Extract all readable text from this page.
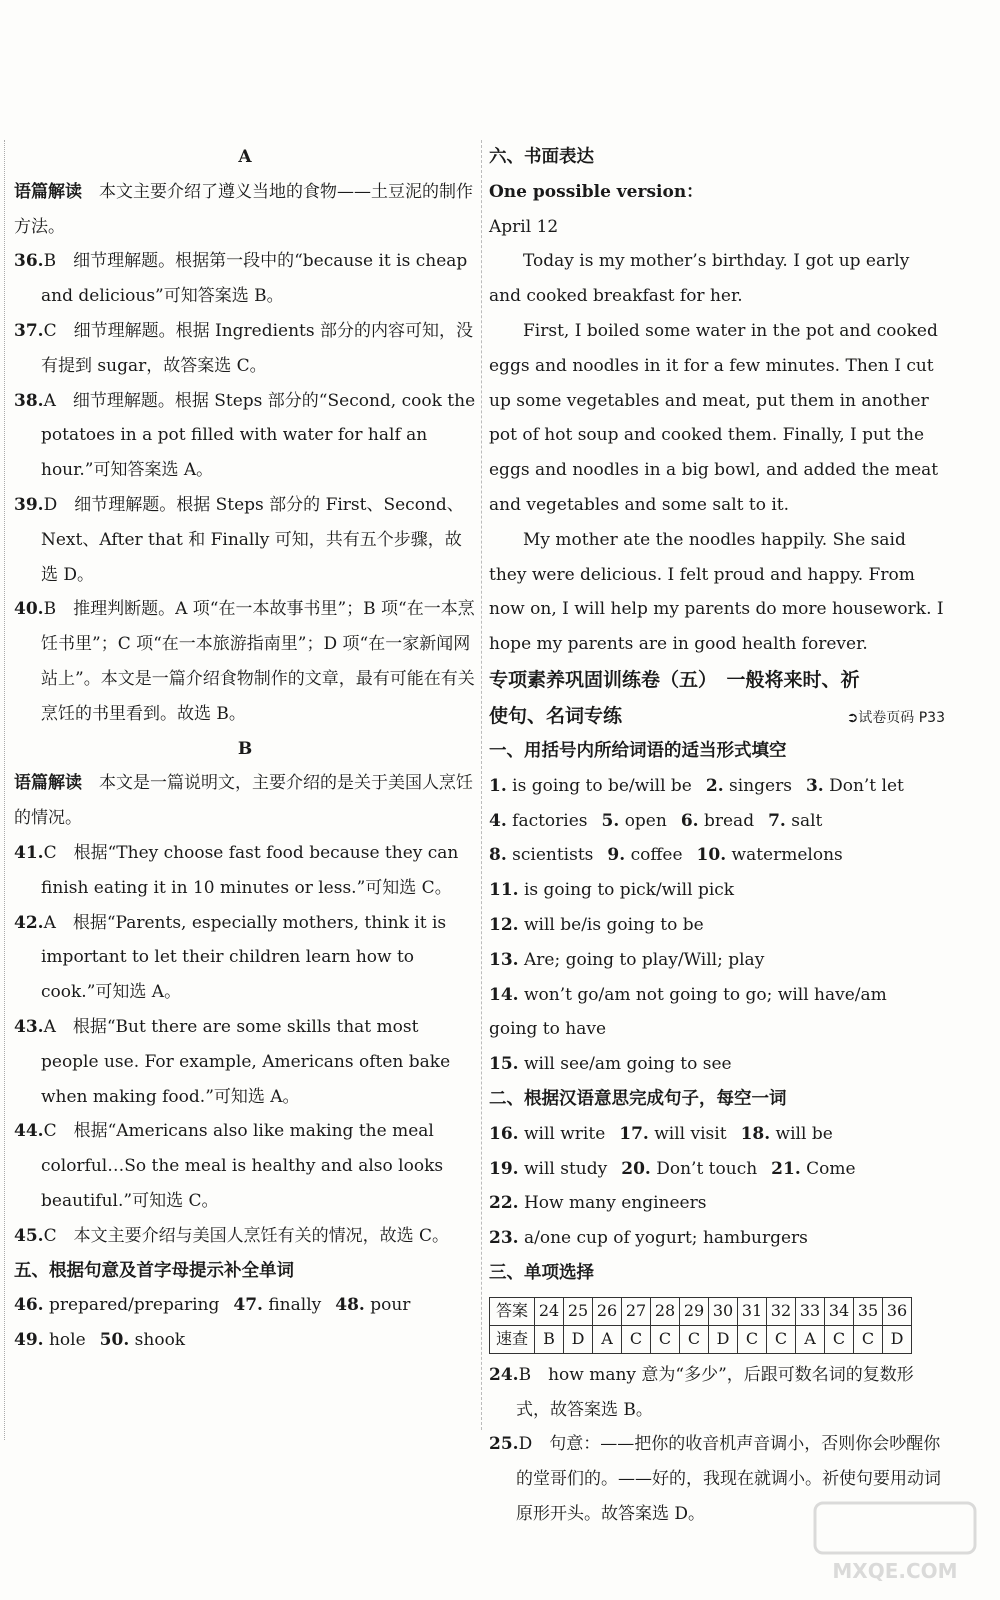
A

语篇解读　 本文主要介绍了遵义当地的食物——土豆泥的制作方法。

36.B　细节理解题。根据第一段中的“because it is cheap and delicious”可知答案选 B。

37.C　细节理解题。根据 Ingredients 部分的内容可知，没有提到 sugar，故答案选 C。

38.A　细节理解题。根据 Steps 部分的“Second, cook the potatoes in a pot filled with water for half an hour.”可知答案选 A。

39.D　细节理解题。根据 Steps 部分的 First、Second、Next、After that 和 Finally 可知，共有五个步骤，故选 D。

40.B　推理判断题。A 项“在一本故事书里”；B 项“在一本烹饪书里”；C 项“在一本旅游指南里”；D 项“在一家新闻网站上”。本文是一篇介绍食物制作的文章，最有可能在有关烹饪的书里看到。故选 B。

B

语篇解读　 本文是一篇说明文，主要介绍的是关于美国人烹饪的情况。

41.C　根据“They choose fast food because they can finish eating it in 10 minutes or less.”可知选 C。

42.A　根据“Parents, especially mothers, think it is important to let their children learn how to cook.”可知选 A。

43.A　根据“But there are some skills that most people use. For example, Americans often bake when making food.”可知选 A。

44.C　根据“Americans also like making the meal colorful…So the meal is healthy and also looks beautiful.”可知选 C。

45.C　本文主要介绍与美国人烹饪有关的情况，故选 C。

五、根据句意及首字母提示补全单词

46. prepared/preparing 47. finally 48. pour49. hole 50. shook

六、书面表达

One possible version：

April 12

Today is my mother’s birthday. I got up early and cooked breakfast for her.

First, I boiled some water in the pot and cooked eggs and noodles in it for a few minutes. Then I cut up some vegetables and meat, put them in another pot of hot soup and cooked them. Finally, I put the eggs and noodles in a big bowl, and added the meat and vegetables and some salt to it.

My mother ate the noodles happily. She said they were delicious. I felt proud and happy. From now on, I will help my parents do more housework. I hope my parents are in good health forever.

专项素养巩固训练卷（五）　一般将来时、祈
使句、名词专练	➲试卷页码 P33

一、用括号内所给词语的适当形式填空

1. is going to be/will be 2. singers 3. Don’t let4. factories 5. open 6. bread 7. salt8. scientists 9. coffee 10. watermelons11. is going to pick/will pick12. will be/is going to be13. Are; going to play/Will; play14. won’t go/am not going to go; will have/am going to have15. will see/am going to see

二、根据汉语意思完成句子，每空一词

16. will write 17. will visit 18. will be19. will study 20. Don’t touch 21. Come22. How many engineers23. a/one cup of yogurt; hamburgers

三、单项选择

答案	24	25	26	27	28	29	30	31	32	33	34	35	36
速查	B	D	A	C	C	C	D	C	C	A	C	C	D

24.B　how many 意为“多少”，后跟可数名词的复数形式，故答案选 B。

25.D　句意：——把你的收音机声音调小，否则你会吵醒你的堂哥们的。——好的，我现在就调小。祈使句要用动词原形开头。故答案选 D。

MXQE.COM
